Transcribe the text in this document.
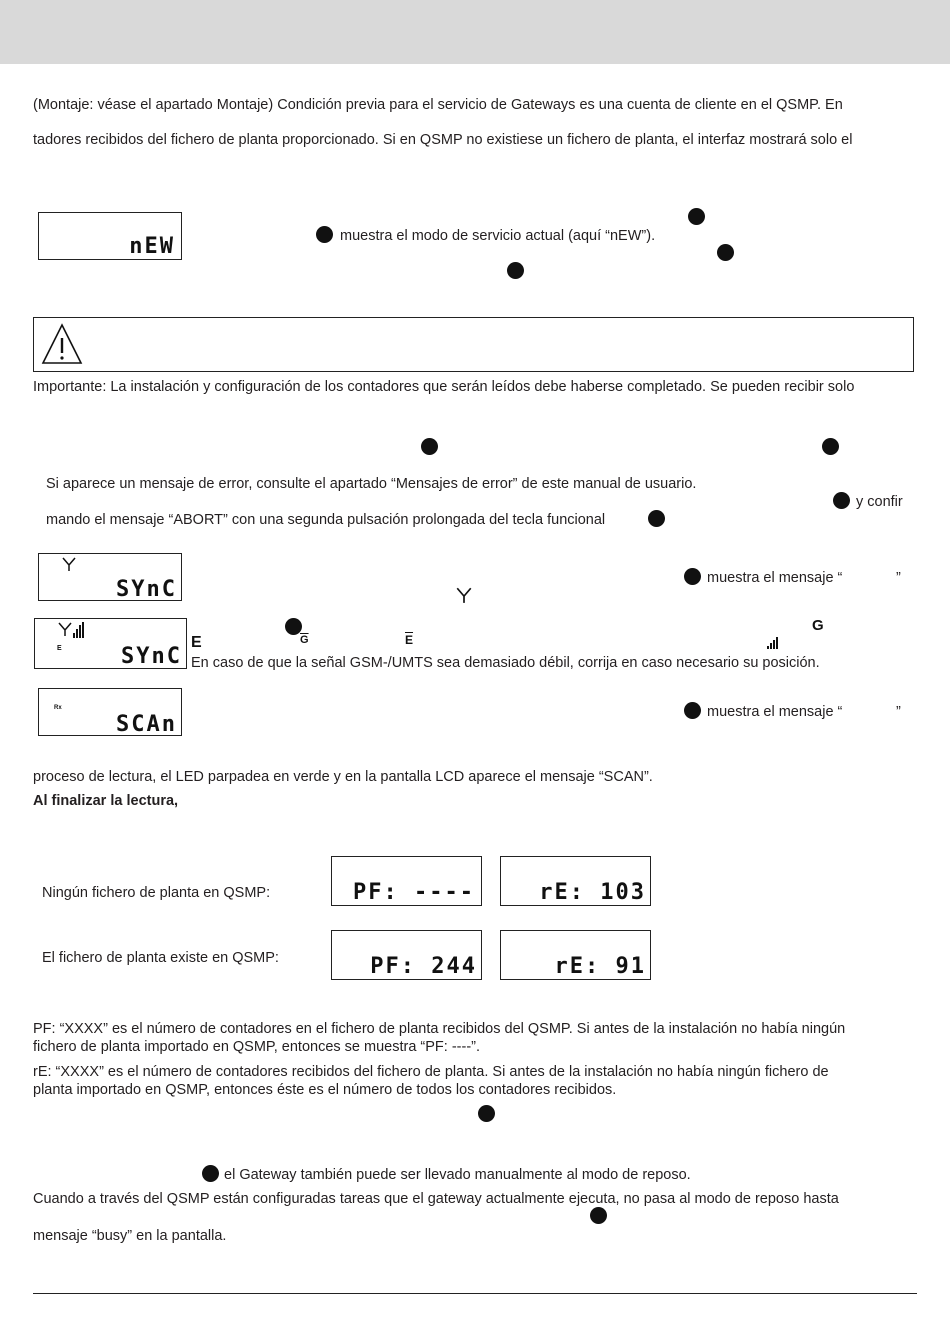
(Montaje: véase el apartado Montaje) Condición previa para el servicio de Gateways es una cuenta de cliente en el QSMP. En
tadores recibidos del fichero de planta proporcionado. Si en QSMP no existiese un fichero de planta, el interfaz mostrará solo el
nEW	muestra el modo de servicio actual (aquí “nEW”).
Importante: La instalación y configuración de los contadores que serán leídos debe haberse completado. Se pueden recibir solo
Si aparece un mensaje de error, consulte el apartado “Mensajes de error” de este manual de usuario.
y confir
mando el mensaje “ABORT” con una segunda pulsación prolongada del tecla funcional
SYnC	muestra el mensaje “	”
E	SYnC
E	$\overline{G}$	$\overline{E}$
G
En caso de que la señal GSM-/UMTS sea demasiado débil, corrija en caso necesario su posición.
Rx
SCAn	muestra el mensaje “	”
proceso de lectura, el LED parpadea en verde y en la pantalla LCD aparece el mensaje “SCAN”.
Al finalizar la lectura,
Ningún fichero de planta en QSMP:	PF: ----	rE: 103
El fichero de planta existe en QSMP:	PF: 244	rE: 91
PF: “XXXX” es el número de contadores en el fichero de planta recibidos del QSMP. Si antes de la instalación no había ningún
fichero de planta importado en QSMP, entonces se muestra “PF: ----”.
rE: “XXXX” es el número de contadores recibidos del fichero de planta. Si antes de la instalación no había ningún fichero de
planta importado en QSMP, entonces éste es el número de todos los contadores recibidos.
el Gateway también puede ser llevado manualmente al modo de reposo.
Cuando a través del QSMP están configuradas tareas que el gateway actualmente ejecuta, no pasa al modo de reposo hasta
mensaje “busy” en la pantalla.
